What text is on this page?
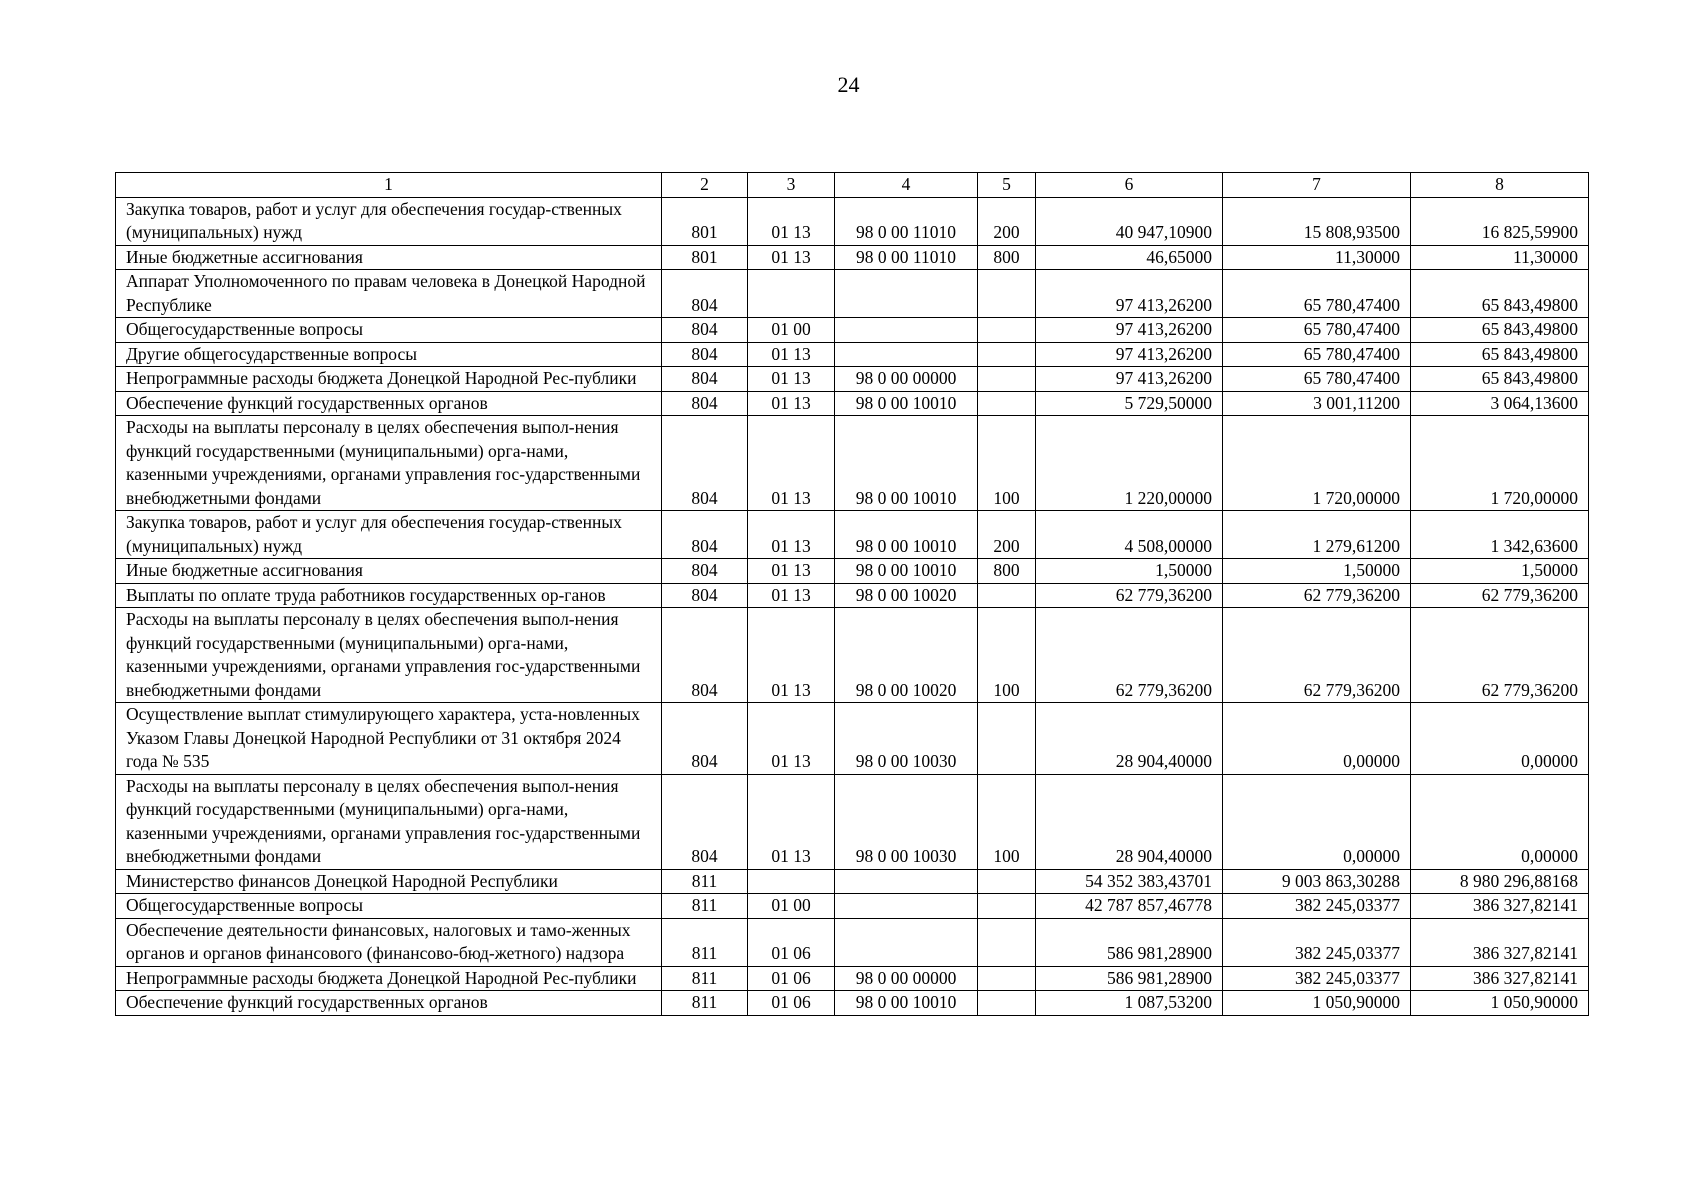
24
1	2	3	4	5	6	7	8
Закупка товаров, работ и услуг для обеспечения государ-ственных (муниципальных) нужд	801	01 13	98 0 00 11010	200	40 947,10900	15 808,93500	16 825,59900
Иные бюджетные ассигнования	801	01 13	98 0 00 11010	800	46,65000	11,30000	11,30000
Аппарат Уполномоченного по правам человека в Донецкой Народной Республике	804				97 413,26200	65 780,47400	65 843,49800
Общегосударственные вопросы	804	01 00			97 413,26200	65 780,47400	65 843,49800
Другие общегосударственные вопросы	804	01 13			97 413,26200	65 780,47400	65 843,49800
Непрограммные расходы бюджета Донецкой Народной Рес-публики	804	01 13	98 0 00 00000		97 413,26200	65 780,47400	65 843,49800
Обеспечение функций государственных органов	804	01 13	98 0 00 10010		5 729,50000	3 001,11200	3 064,13600
Расходы на выплаты персоналу в целях обеспечения выпол-нения функций государственными (муниципальными) орга-нами, казенными учреждениями, органами управления гос-ударственными внебюджетными фондами	804	01 13	98 0 00 10010	100	1 220,00000	1 720,00000	1 720,00000
Закупка товаров, работ и услуг для обеспечения государ-ственных (муниципальных) нужд	804	01 13	98 0 00 10010	200	4 508,00000	1 279,61200	1 342,63600
Иные бюджетные ассигнования	804	01 13	98 0 00 10010	800	1,50000	1,50000	1,50000
Выплаты по оплате труда работников государственных ор-ганов	804	01 13	98 0 00 10020		62 779,36200	62 779,36200	62 779,36200
Расходы на выплаты персоналу в целях обеспечения выпол-нения функций государственными (муниципальными) орга-нами, казенными учреждениями, органами управления гос-ударственными внебюджетными фондами	804	01 13	98 0 00 10020	100	62 779,36200	62 779,36200	62 779,36200
Осуществление выплат стимулирующего характера, уста-новленных Указом Главы Донецкой Народной Республики от 31 октября 2024 года № 535	804	01 13	98 0 00 10030		28 904,40000	0,00000	0,00000
Расходы на выплаты персоналу в целях обеспечения выпол-нения функций государственными (муниципальными) орга-нами, казенными учреждениями, органами управления гос-ударственными внебюджетными фондами	804	01 13	98 0 00 10030	100	28 904,40000	0,00000	0,00000
Министерство финансов Донецкой Народной Республики	811				54 352 383,43701	9 003 863,30288	8 980 296,88168
Общегосударственные вопросы	811	01 00			42 787 857,46778	382 245,03377	386 327,82141
Обеспечение деятельности финансовых, налоговых и тамо-женных органов и органов финансового (финансово-бюд-жетного) надзора	811	01 06			586 981,28900	382 245,03377	386 327,82141
Непрограммные расходы бюджета Донецкой Народной Рес-публики	811	01 06	98 0 00 00000		586 981,28900	382 245,03377	386 327,82141
Обеспечение функций государственных органов	811	01 06	98 0 00 10010		1 087,53200	1 050,90000	1 050,90000
